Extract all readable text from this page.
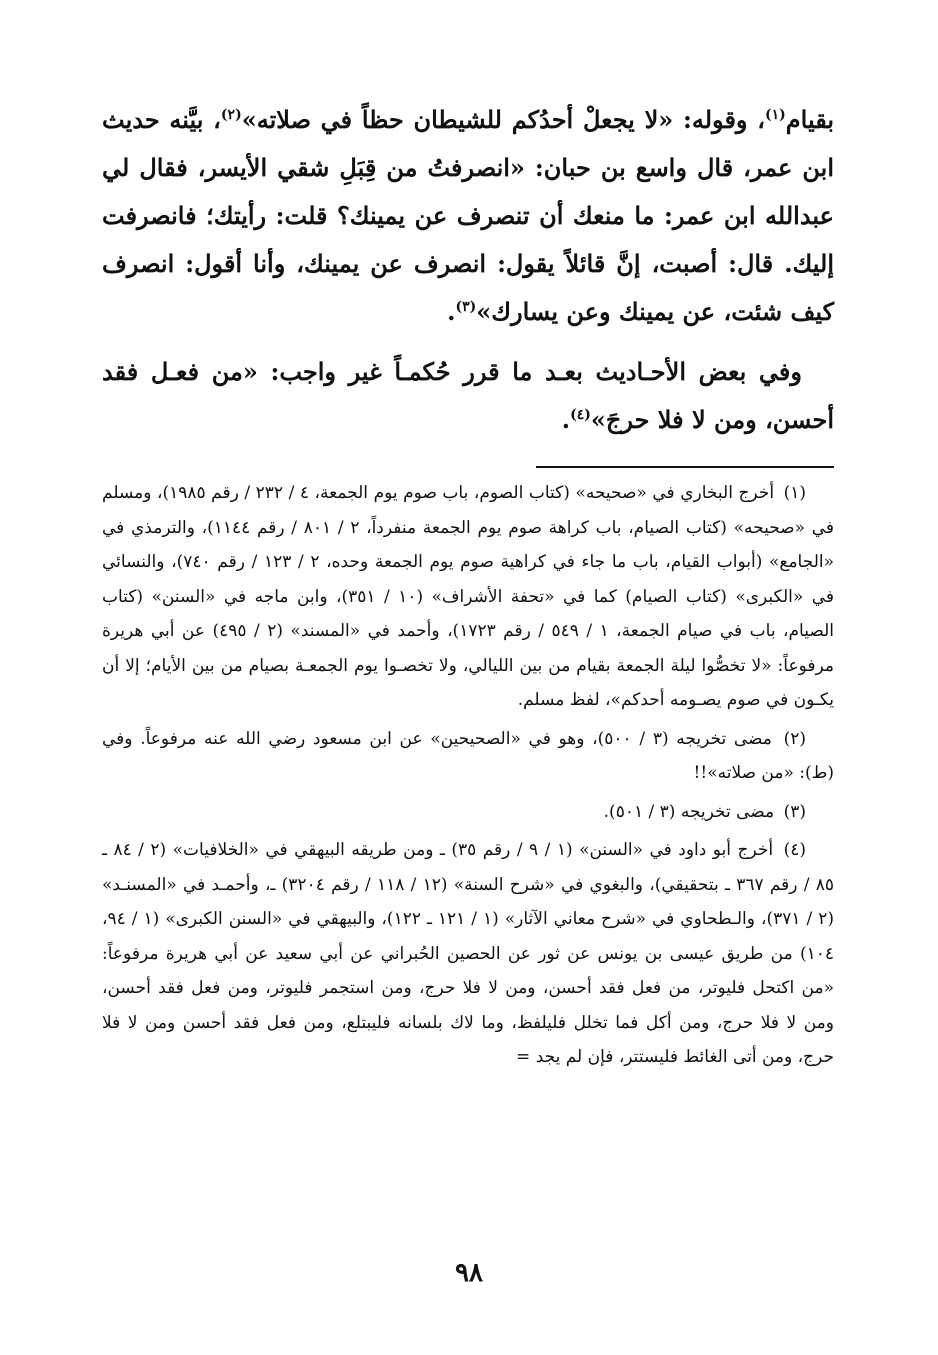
بقيام$^{(١)}$، وقوله: «لا يجعلْ أحدُكم للشيطان حظاً في صلاته»$^{(٢)}$، بيَّنه حديث ابن عمر، قال واسع بن حبان: «انصرفتُ من قِبَلِ شقي الأيسر، فقال لي عبدالله ابن عمر: ما منعك أن تنصرف عن يمينك؟ قلت: رأيتك؛ فانصرفت إليك. قال: أصبت، إنَّ قائلاً يقول: انصرف عن يمينك، وأنا أقول: انصرف كيف شئت، عن يمينك وعن يسارك»$^{(٣)}$.

وفي بعض الأحـاديث بعـد ما قرر حُكمـاً غير واجب: «من فعـل فقد أحسن، ومن لا فلا حرجَ»$^{(٤)}$.

(١) أخرج البخاري في «صحيحه» (كتاب الصوم، باب صوم يوم الجمعة، ٤ / ٢٣٢ / رقم ١٩٨٥)، ومسلم في «صحيحه» (كتاب الصيام، باب كراهة صوم يوم الجمعة منفرداً، ٢ / ٨٠١ / رقم ١١٤٤)، والترمذي في «الجامع» (أبواب القيام، باب ما جاء في كراهية صوم يوم الجمعة وحده، ٢ / ١٢٣ / رقم ٧٤٠)، والنسائي في «الكبرى» (كتاب الصيام) كما في «تحفة الأشراف» (١٠ / ٣٥١)، وابن ماجه في «السنن» (كتاب الصيام، باب في صيام الجمعة، ١ / ٥٤٩ / رقم ١٧٢٣)، وأحمد في «المسند» (٢ / ٤٩٥) عن أبي هريرة مرفوعاً: «لا تخصُّوا ليلة الجمعة بقيام من بين الليالي، ولا تخصـوا يوم الجمعـة بصيام من بين الأيام؛ إلا أن يكـون في صوم يصـومه أحدكم»، لفظ مسلم.

(٢) مضى تخريجه (٣ / ٥٠٠)، وهو في «الصحيحين» عن ابن مسعود رضي الله عنه مرفوعاً. وفي (ط): «من صلاته»!!

(٣) مضى تخريجه (٣ / ٥٠١).

(٤) أخرج أبو داود في «السنن» (١ / ٩ / رقم ٣٥) ـ ومن طريقه البيهقي في «الخلافيات» (٢ / ٨٤ ـ ٨٥ / رقم ٣٦٧ ـ بتحقيقي)، والبغوي في «شرح السنة» (١٢ / ١١٨ / رقم ٣٢٠٤) ـ، وأحمـد في «المسنـد» (٢ / ٣٧١)، والـطحاوي في «شرح معاني الآثار» (١ / ١٢١ ـ ١٢٢)، والبيهقي في «السنن الكبرى» (١ / ٩٤، ١٠٤) من طريق عيسى بن يونس عن ثور عن الحصين الحُبراني عن أبي سعيد عن أبي هريرة مرفوعاً: «من اكتحل فليوتر، من فعل فقد أحسن، ومن لا فلا حرج، ومن استجمر فليوتر، ومن فعل فقد أحسن، ومن لا فلا حرج، ومن أكل فما تخلل فليلفظ، وما لاك بلسانه فليبتلع، ومن فعل فقد أحسن ومن لا فلا حرج، ومن أتى الغائط فليستتر، فإن لم يجد =

٩٨
